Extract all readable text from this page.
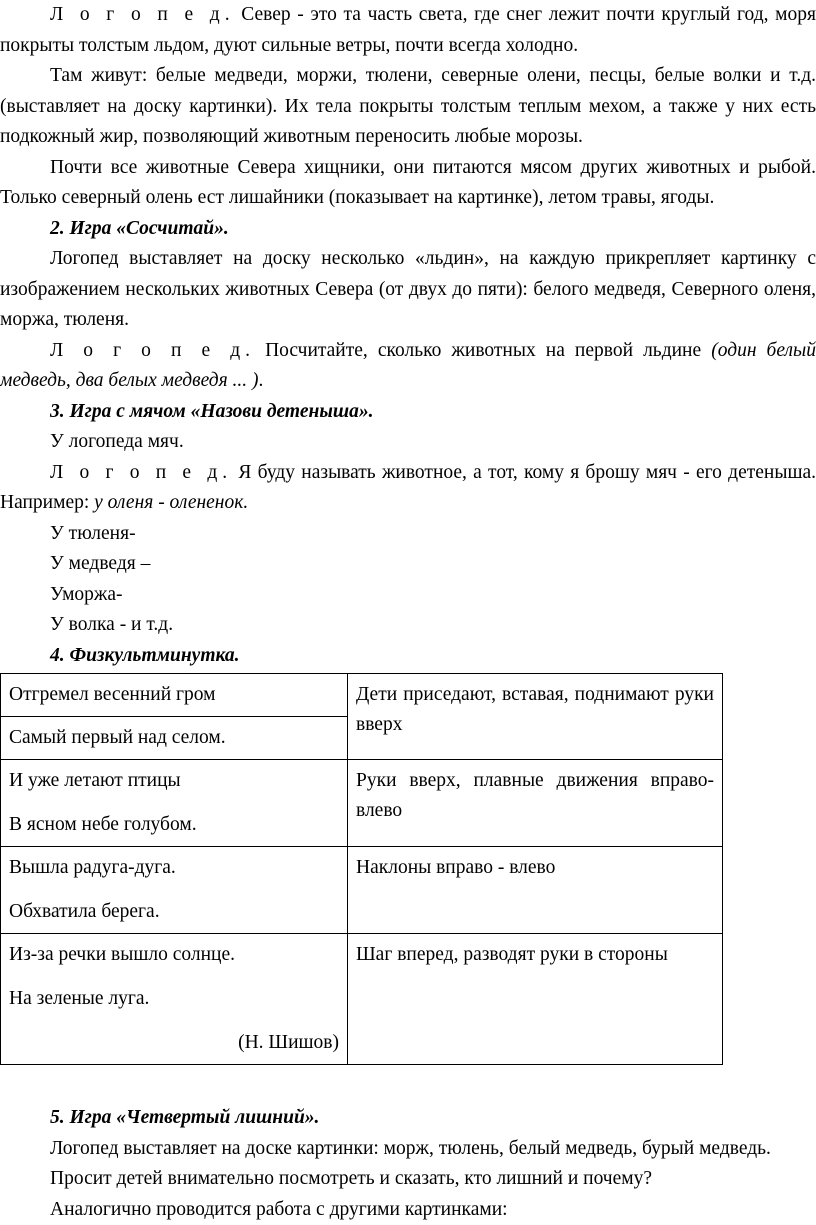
Л о г о п е д. Север - это та часть света, где снег лежит почти круглый год, моря покрыты толстым льдом, дуют сильные ветры, почти всегда холодно.

Там живут: белые медведи, моржи, тюлени, северные олени, песцы, белые волки и т.д. (выставляет на доску картинки). Их тела покрыты толстым теплым мехом, а также у них есть подкожный жир, позволяющий животным переносить любые морозы.

Почти все животные Севера хищники, они питаются мясом других животных и рыбой. Только северный олень ест лишайники (показывает на картинке), летом травы, ягоды.

2. Игра «Сосчитай».

Логопед выставляет на доску несколько «льдин», на каждую прикрепляет картинку с изображением нескольких животных Севера (от двух до пяти): белого медведя, Северного оленя, моржа, тюленя.

Л о г о п е д. Посчитайте, сколько животных на первой льдине (один белый медведь, два белых медведя ... ).

3. Игра с мячом «Назови детеныша».

У логопеда мяч.

Л о г о п е д. Я буду называть животное, а тот, кому я брошу мяч - его детеныша. Например: у оленя - олененок.

У тюленя-

У медведя –

Уморжа-

У волка - и т.д.

4. Физкультминутка.

Отгремел весенний гром
Самый первый над селом.	Дети приседают, вставая, поднимают руки вверх

И уже летают птицы
В ясном небе голубом.	Руки вверх, плавные движения вправо-влево

Вышла радуга-дуга.
Обхватила берега.	Наклоны вправо - влево

Из-за речки вышло солнце.
На зеленые луга.
(Н. Шишов)	Шаг вперед, разводят руки в стороны

5. Игра «Четвертый лишний».

Логопед выставляет на доске картинки: морж, тюлень, белый медведь, бурый медведь.

Просит детей внимательно посмотреть и сказать, кто лишний и почему?

Аналогично проводится работа с другими картинками:
